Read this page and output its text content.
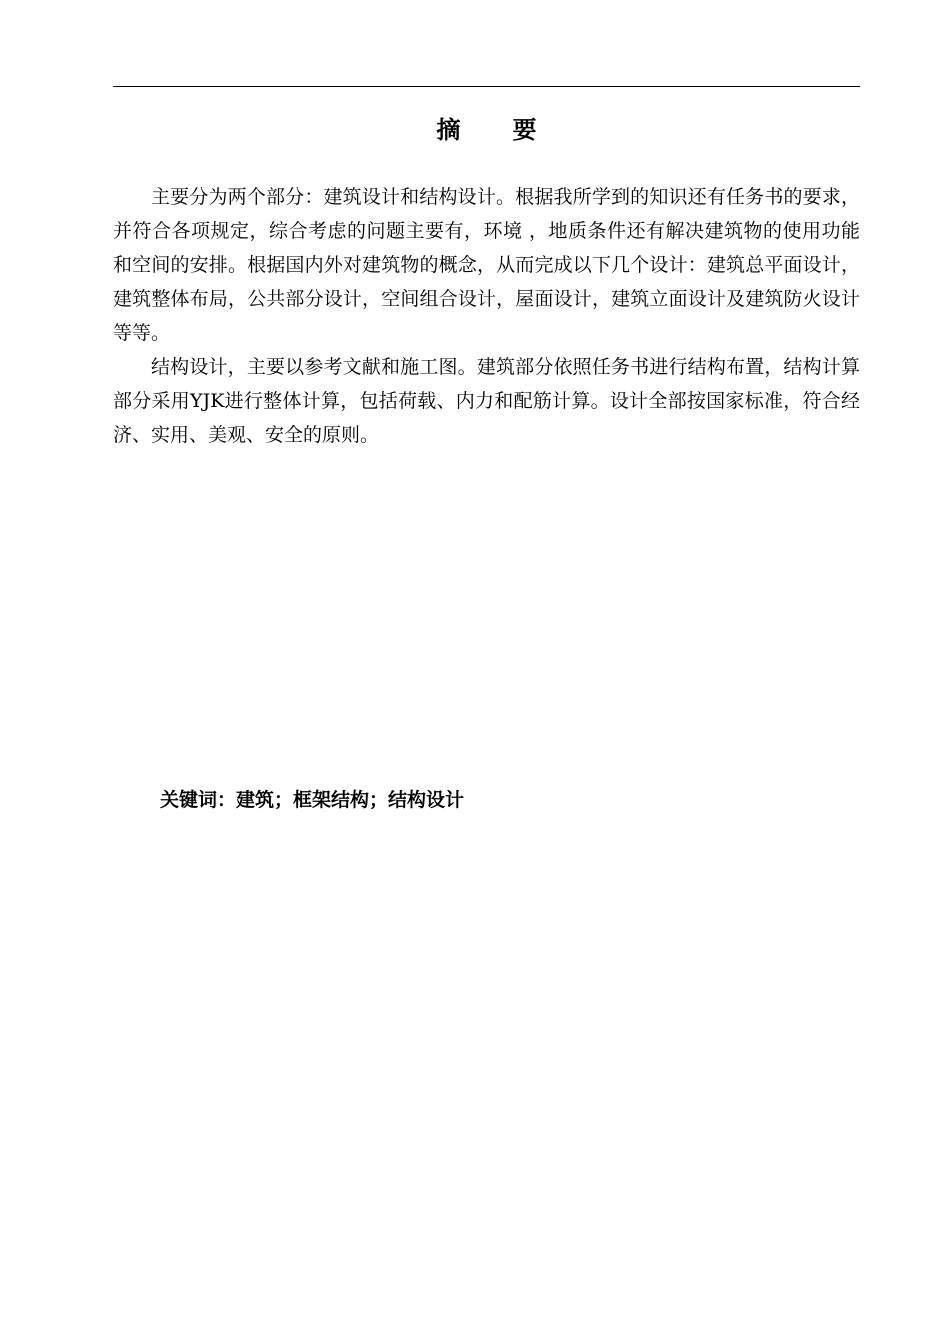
摘 要

主要分为两个部分：建筑设计和结构设计。根据我所学到的知识还有任务书的要求，并符合各项规定，综合考虑的问题主要有，环境 ，地质条件还有解决建筑物的使用功能和空间的安排。根据国内外对建筑物的概念，从而完成以下几个设计：建筑总平面设计，建筑整体布局，公共部分设计，空间组合设计，屋面设计，建筑立面设计及建筑防火设计等等。

结构设计，主要以参考文献和施工图。建筑部分依照任务书进行结构布置，结构计算部分采用YJK进行整体计算，包括荷载、内力和配筋计算。设计全部按国家标准，符合经济、实用、美观、安全的原则。

关键词：建筑；框架结构；结构设计
